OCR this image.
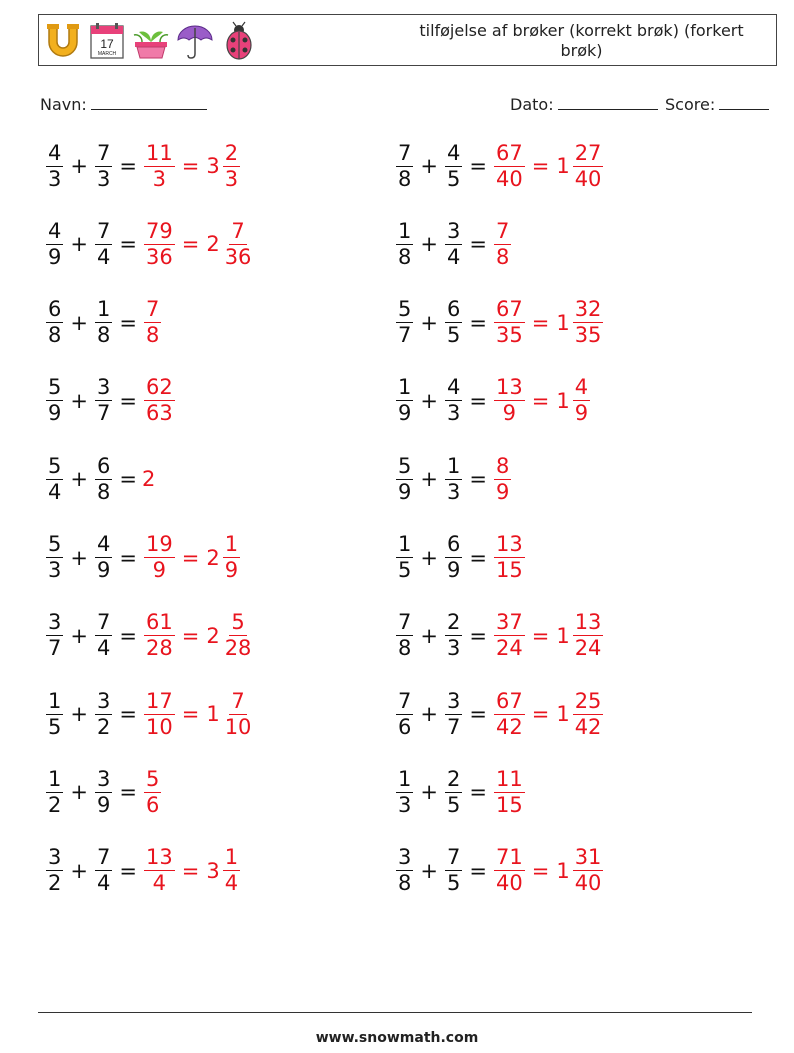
17
MARCH
tilføjelse af brøker (korrekt brøk) (forkert brøk)
Navn:	Dato:	Score:
$\frac{4}{3} + \frac{7}{3} = \frac{11}{3} = 3 \frac{2}{3}$	$\frac{7}{8} + \frac{4}{5} = \frac{67}{40} = 1 \frac{27}{40}$
$\frac{4}{9} + \frac{7}{4} = \frac{79}{36} = 2 \frac{7}{36}$	$\frac{1}{8} + \frac{3}{4} = \frac{7}{8}$
$\frac{6}{8} + \frac{1}{8} = \frac{7}{8}$	$\frac{5}{7} + \frac{6}{5} = \frac{67}{35} = 1 \frac{32}{35}$
$\frac{5}{9} + \frac{3}{7} = \frac{62}{63}$	$\frac{1}{9} + \frac{4}{3} = \frac{13}{9} = 1 \frac{4}{9}$
$\frac{5}{4} + \frac{6}{8} = 2$	$\frac{5}{9} + \frac{1}{3} = \frac{8}{9}$
$\frac{5}{3} + \frac{4}{9} = \frac{19}{9} = 2 \frac{1}{9}$	$\frac{1}{5} + \frac{6}{9} = \frac{13}{15}$
$\frac{3}{7} + \frac{7}{4} = \frac{61}{28} = 2 \frac{5}{28}$	$\frac{7}{8} + \frac{2}{3} = \frac{37}{24} = 1 \frac{13}{24}$
$\frac{1}{5} + \frac{3}{2} = \frac{17}{10} = 1 \frac{7}{10}$	$\frac{7}{6} + \frac{3}{7} = \frac{67}{42} = 1 \frac{25}{42}$
$\frac{1}{2} + \frac{3}{9} = \frac{5}{6}$	$\frac{1}{3} + \frac{2}{5} = \frac{11}{15}$
$\frac{3}{2} + \frac{7}{4} = \frac{13}{4} = 3 \frac{1}{4}$	$\frac{3}{8} + \frac{7}{5} = \frac{71}{40} = 1 \frac{31}{40}$
www.snowmath.com
